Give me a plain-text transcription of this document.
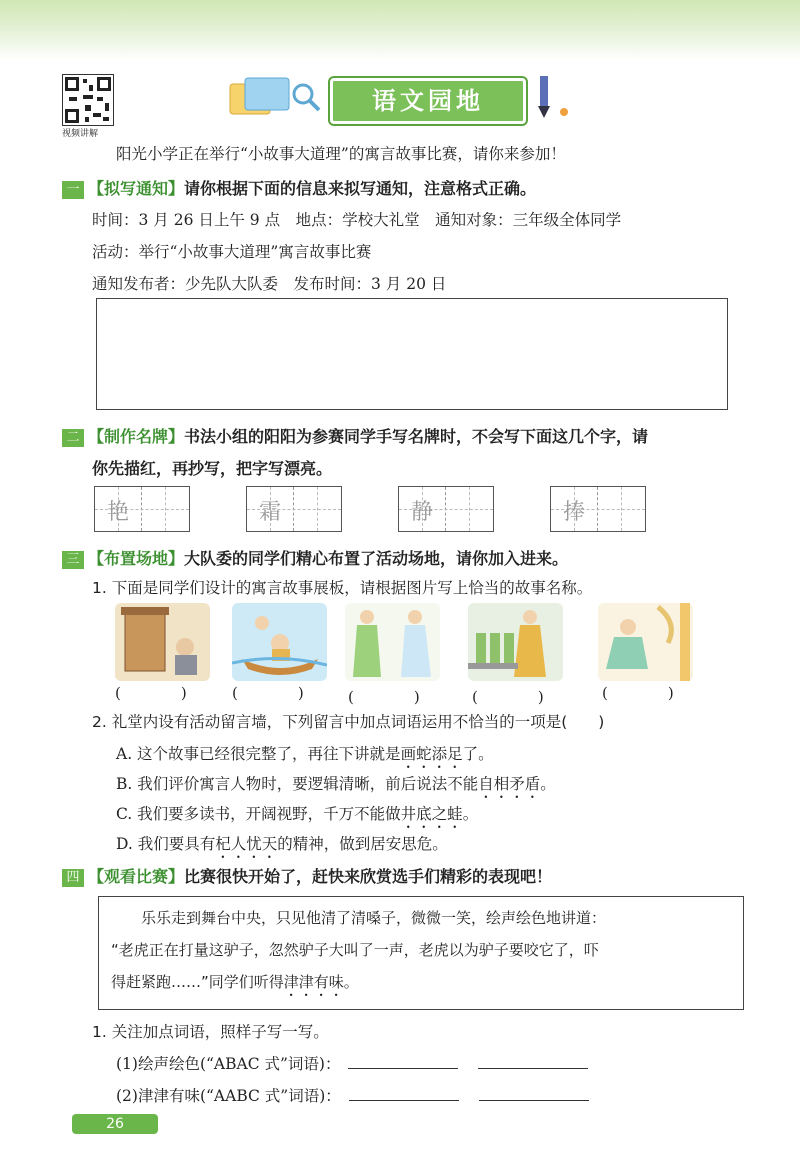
视频讲解
语文园地
阳光小学正在举行“小故事大道理”的寓言故事比赛，请你来参加！
一 【拟写通知】请你根据下面的信息来拟写通知，注意格式正确。
时间：3 月 26 日上午 9 点　地点：学校大礼堂　通知对象：三年级全体同学
活动：举行“小故事大道理”寓言故事比赛
通知发布者：少先队大队委　发布时间：3 月 20 日
二 【制作名牌】书法小组的阳阳为参赛同学手写名牌时，不会写下面这几个字，请
你先描红，再抄写，把字写漂亮。
艳	霜	静	捧
三 【布置场地】大队委的同学们精心布置了活动场地，请你加入进来。
1. 下面是同学们设计的寓言故事展板，请根据图片写上恰当的故事名称。
(　　　　)	(　　　　)	(　　　　)	(　　　　)	(　　　　)
2. 礼堂内设有活动留言墙，下列留言中加点词语运用不恰当的一项是(　　)
A. 这个故事已经很完整了，再往下讲就是画蛇添足了。
B. 我们评价寓言人物时，要逻辑清晰，前后说法不能自相矛盾。
C. 我们要多读书，开阔视野，千万不能做井底之蛙。
D. 我们要具有杞人忧天的精神，做到居安思危。
四 【观看比赛】比赛很快开始了，赶快来欣赏选手们精彩的表现吧！
乐乐走到舞台中央，只见他清了清嗓子，微微一笑，绘声绘色地讲道：
“老虎正在打量这驴子，忽然驴子大叫了一声，老虎以为驴子要咬它了，吓
得赶紧跑……”同学们听得津津有味。
1. 关注加点词语，照样子写一写。
(1)绘声绘色(“ABAC 式”词语)：
(2)津津有味(“AABC 式”词语)：
26
